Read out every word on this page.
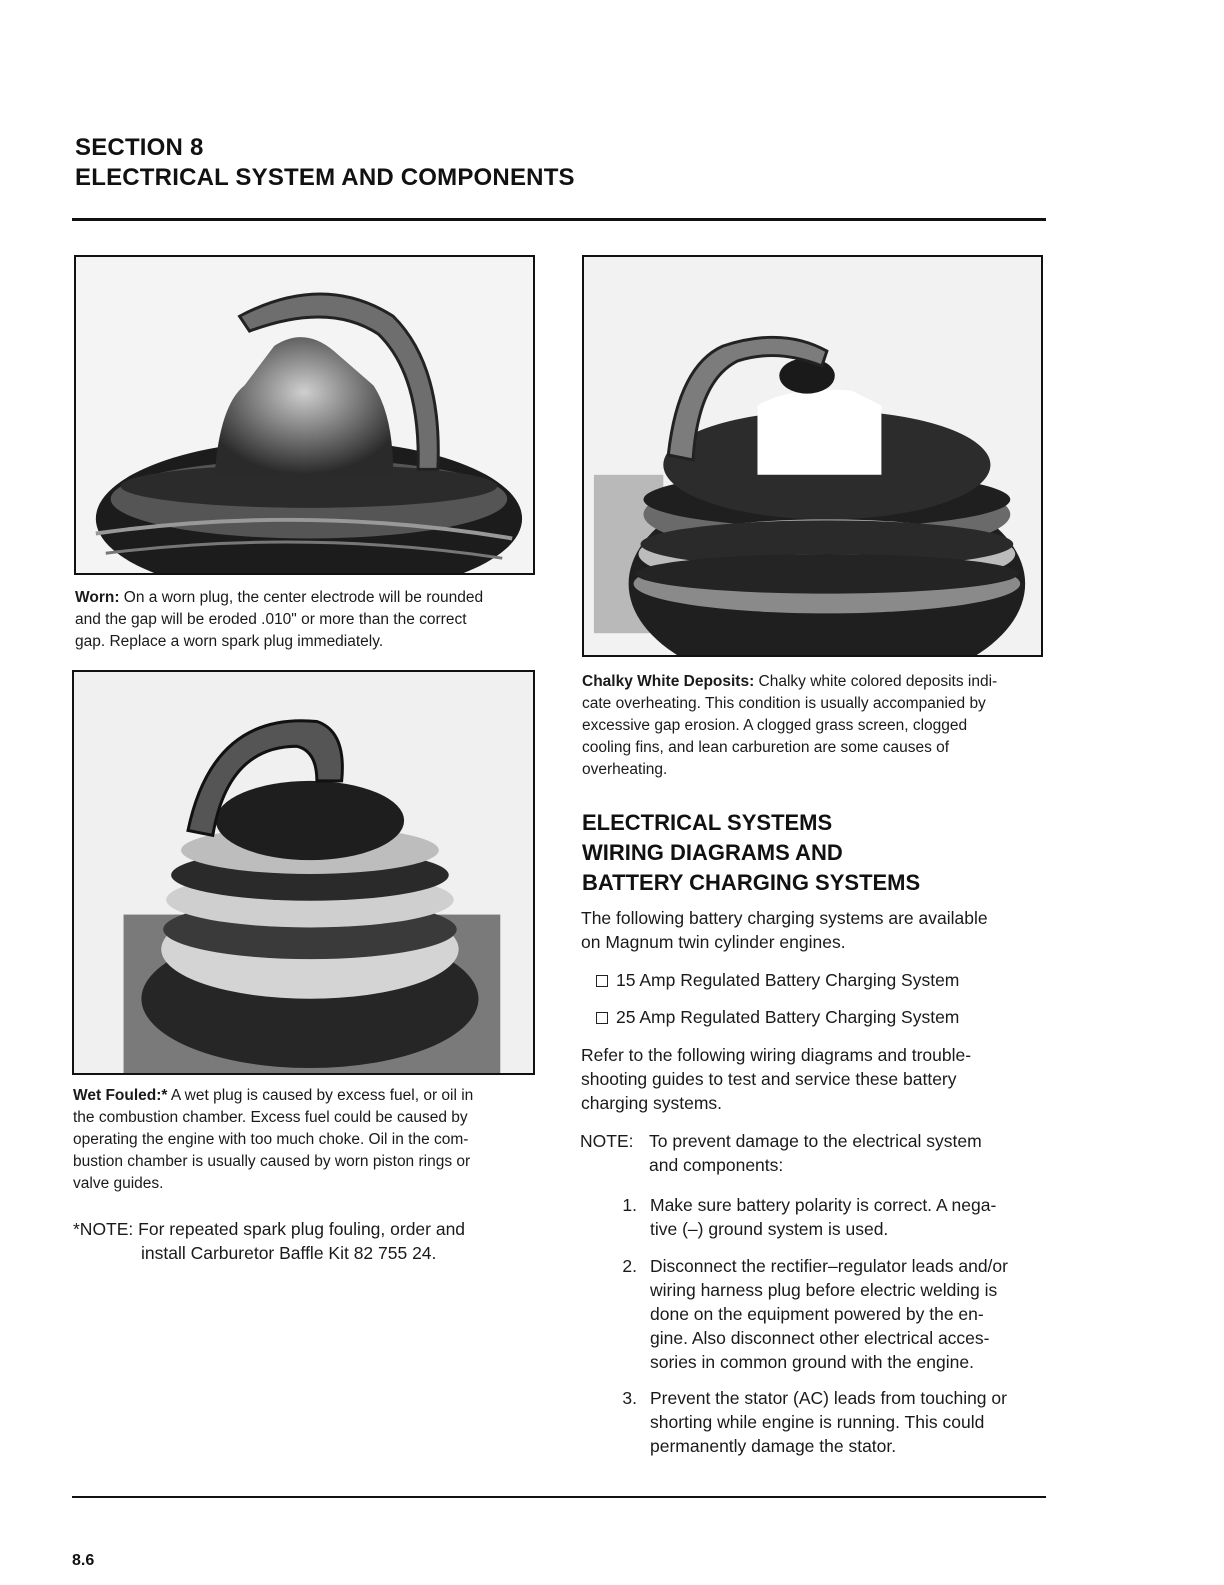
SECTION 8
ELECTRICAL SYSTEM AND COMPONENTS
Worn: On a worn plug, the center electrode will be rounded
and the gap will be eroded .010" or more than the correct
gap. Replace a worn spark plug immediately.
Wet Fouled:* A wet plug is caused by excess fuel, or oil in
the combustion chamber. Excess fuel could be caused by
operating the engine with too much choke. Oil in the com-
bustion chamber is usually caused by worn piston rings or
valve guides.
*NOTE: For repeated spark plug fouling, order and
install Carburetor Baffle Kit 82 755 24.
Chalky White Deposits: Chalky white colored deposits indi-
cate overheating. This condition is usually accompanied by
excessive gap erosion. A clogged grass screen, clogged
cooling fins, and lean carburetion are some causes of
overheating.
ELECTRICAL SYSTEMS
WIRING DIAGRAMS AND
BATTERY CHARGING SYSTEMS
The following battery charging systems are available
on Magnum twin cylinder engines.
15 Amp Regulated Battery Charging System
25 Amp Regulated Battery Charging System
Refer to the following wiring diagrams and trouble-
shooting guides to test and service these battery
charging systems.
NOTE: To prevent damage to the electrical system
and components:
1. Make sure battery polarity is correct. A nega-
tive (–) ground system is used.
2. Disconnect the rectifier–regulator leads and/or
wiring harness plug before electric welding is
done on the equipment powered by the en-
gine. Also disconnect other electrical acces-
sories in common ground with the engine.
3. Prevent the stator (AC) leads from touching or
shorting while engine is running. This could
permanently damage the stator.
8.6
